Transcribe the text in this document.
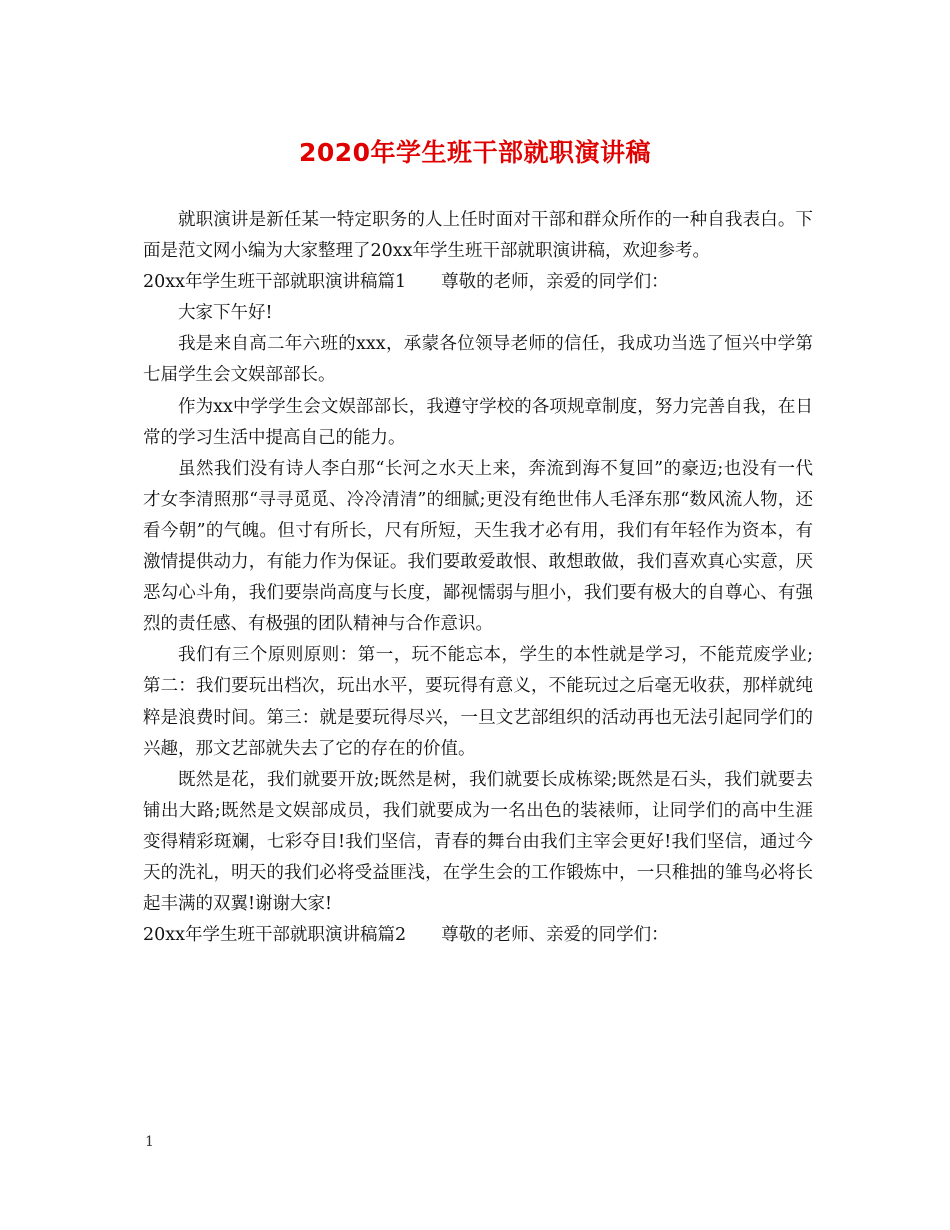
2020年学生班干部就职演讲稿

就职演讲是新任某一特定职务的人上任时面对干部和群众所作的一种自我表白。下面是范文网小编为大家整理了20xx年学生班干部就职演讲稿，欢迎参考。

20xx年学生班干部就职演讲稿篇1　　尊敬的老师，亲爱的同学们：

大家下午好!

我是来自高二年六班的xxx，承蒙各位领导老师的信任，我成功当选了恒兴中学第七届学生会文娱部部长。

作为xx中学学生会文娱部部长，我遵守学校的各项规章制度，努力完善自我，在日常的学习生活中提高自己的能力。

虽然我们没有诗人李白那“长河之水天上来，奔流到海不复回”的豪迈;也没有一代才女李清照那“寻寻觅觅、冷冷清清”的细腻;更没有绝世伟人毛泽东那“数风流人物，还看今朝”的气魄。但寸有所长，尺有所短，天生我才必有用，我们有年轻作为资本，有激情提供动力，有能力作为保证。我们要敢爱敢恨、敢想敢做，我们喜欢真心实意，厌恶勾心斗角，我们要崇尚高度与长度，鄙视懦弱与胆小，我们要有极大的自尊心、有强烈的责任感、有极强的团队精神与合作意识。

我们有三个原则原则：第一，玩不能忘本，学生的本性就是学习，不能荒废学业;第二：我们要玩出档次，玩出水平，要玩得有意义，不能玩过之后毫无收获，那样就纯粹是浪费时间。第三：就是要玩得尽兴，一旦文艺部组织的活动再也无法引起同学们的兴趣，那文艺部就失去了它的存在的价值。

既然是花，我们就要开放;既然是树，我们就要长成栋梁;既然是石头，我们就要去铺出大路;既然是文娱部成员，我们就要成为一名出色的装裱师，让同学们的高中生涯变得精彩斑斓，七彩夺目!我们坚信，青春的舞台由我们主宰会更好!我们坚信，通过今天的洗礼，明天的我们必将受益匪浅，在学生会的工作锻炼中，一只稚拙的雏鸟必将长起丰满的双翼!谢谢大家!

20xx年学生班干部就职演讲稿篇2　　尊敬的老师、亲爱的同学们：

1
